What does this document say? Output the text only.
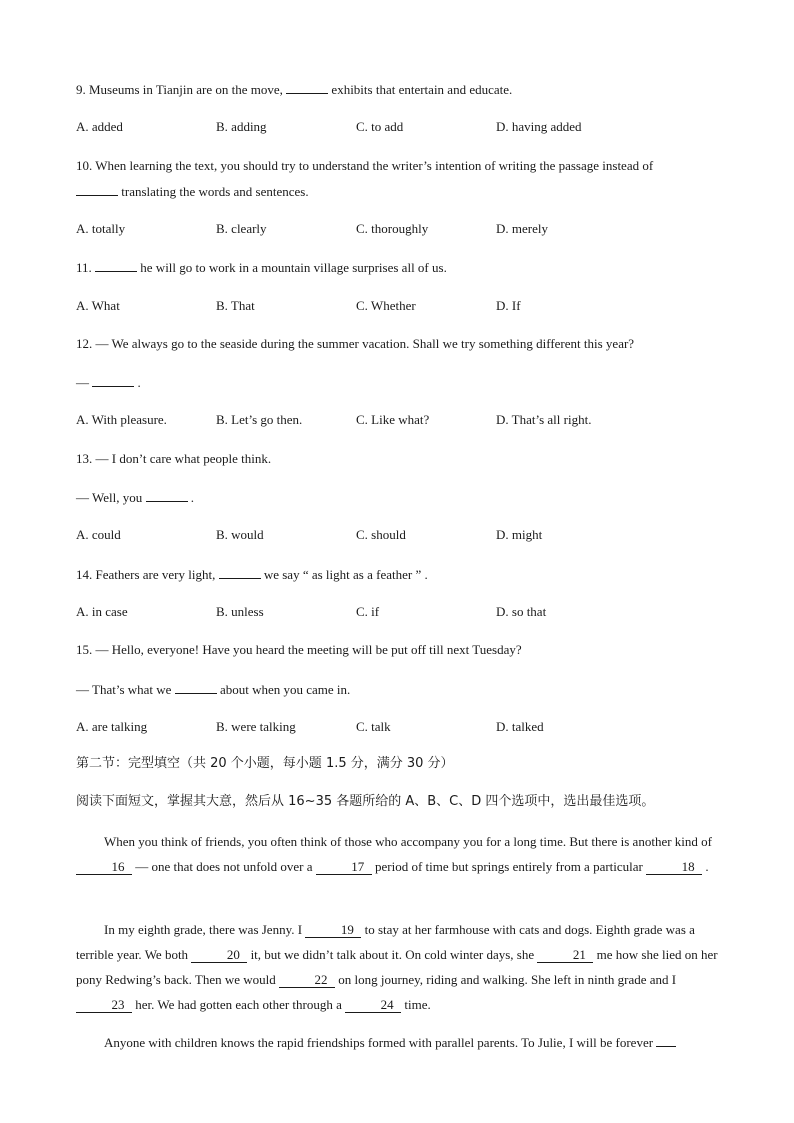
9. Museums in Tianjin are on the move,	exhibits that entertain and educate.
A. added	B. adding	C. to add	D. having added
10. When learning the text, you should try to understand the writer’s intention of writing the passage instead of
translating the words and sentences.
A. totally	B. clearly	C. thoroughly	D. merely
11.	he will go to work in a mountain village surprises all of us.
A. What	B. That	C. Whether	D. If
12. — We always go to the seaside during the summer vacation. Shall we try something different this year?
—	.
A. With pleasure.	B. Let’s go then.	C. Like what?	D. That’s all right.
13. — I don’t care what people think.
— Well, you	.
A. could	B. would	C. should	D. might
14. Feathers are very light,	we say “ as light as a feather ” .
A. in case	B. unless	C. if	D. so that
15. — Hello, everyone! Have you heard the meeting will be put off till next Tuesday?
— That’s what we	about when you came in.
A. are talking	B. were talking	C. talk	D. talked
第二节：完型填空（共 20 个小题，每小题 1.5 分，满分 30 分）
阅读下面短文，掌握其大意，然后从 16~35 各题所给的 A、B、C、D 四个选项中，选出最佳选项。
When you think of friends, you often think of those who accompany you for a long time. But there is another kind of 16 — one that does not unfold over a	17 period of time but springs entirely from a particular	18 .
In my eighth grade, there was Jenny. I	19 to stay at her farmhouse with cats and dogs. Eighth grade was a terrible year. We both	20 it, but we didn’t talk about it. On cold winter days, she	21 me how she lied on her pony Redwing’s back. Then we would	22 on long journey, riding and walking. She left in ninth grade and I 23 her. We had gotten each other through a	24 time.
Anyone with children knows the rapid friendships formed with parallel parents. To Julie, I will be forever
